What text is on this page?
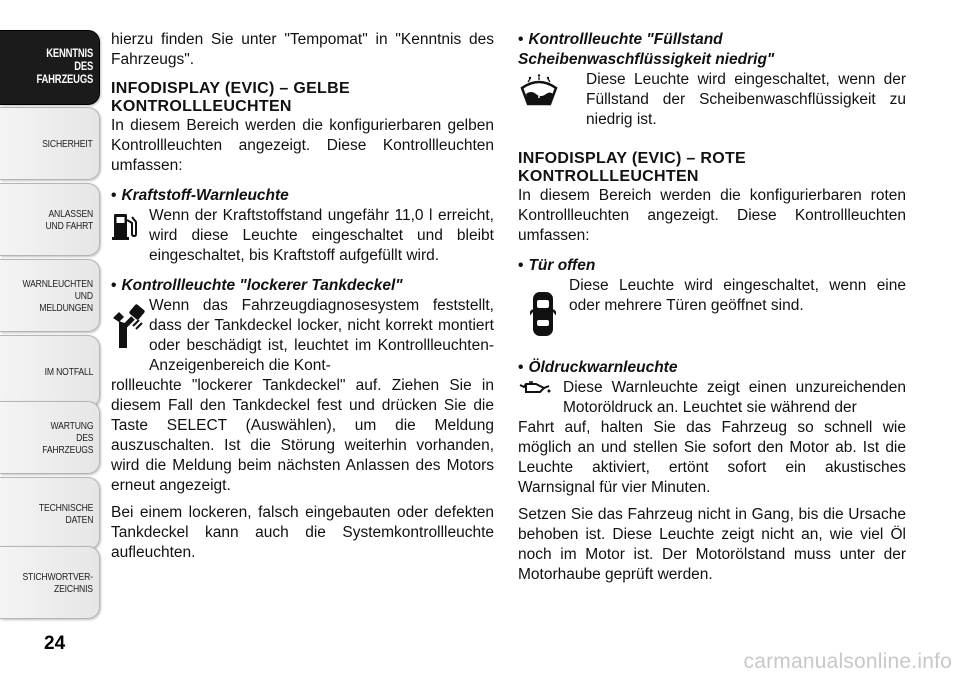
KENNTNIS
DES
FAHRZEUGS
SICHERHEIT
ANLASSEN
UND FAHRT
WARNLEUCHTEN
UND
MELDUNGEN
IM NOTFALL
WARTUNG
DES
FAHRZEUGS
TECHNISCHE
DATEN
STICHWORTVER-
ZEICHNIS
24

hierzu finden Sie unter "Tempomat" in "Kenntnis des Fahrzeugs".

INFODISPLAY (EVIC) – GELBE KONTROLLLEUCHTEN

In diesem Bereich werden die konfigurierbaren gelben Kontrollleuchten angezeigt. Diese Kontrollleuchten umfassen:

• Kraftstoff-Warnleuchte
Wenn der Kraftstoffstand ungefähr 11,0 l erreicht, wird diese Leuchte eingeschaltet und bleibt eingeschaltet, bis Kraftstoff aufgefüllt wird.
• Kontrollleuchte "lockerer Tankdeckel"
Wenn das Fahrzeugdiagnosesystem feststellt, dass der Tankdeckel locker, nicht korrekt montiert oder beschädigt ist, leuchtet im Kontrollleuchten-Anzeigenbereich die Kont-

rollleuchte "lockerer Tankdeckel" auf. Ziehen Sie in diesem Fall den Tankdeckel fest und drücken Sie die Taste SELECT (Auswählen), um die Meldung auszuschalten. Ist die Störung weiterhin vorhanden, wird die Meldung beim nächsten Anlassen des Motors erneut angezeigt.

Bei einem lockeren, falsch eingebauten oder defekten Tankdeckel kann auch die Systemkontrollleuchte aufleuchten.

• Kontrollleuchte "Füllstand Scheibenwaschflüssigkeit niedrig"
Diese Leuchte wird eingeschaltet, wenn der Füllstand der Scheibenwaschflüssigkeit zu niedrig ist.
INFODISPLAY (EVIC) – ROTE KONTROLLLEUCHTEN

In diesem Bereich werden die konfigurierbaren roten Kontrollleuchten angezeigt. Diese Kontrollleuchten umfassen:

• Tür offen
Diese Leuchte wird eingeschaltet, wenn eine oder mehrere Türen geöffnet sind.
• Öldruckwarnleuchte
Diese Warnleuchte zeigt einen unzureichenden Motoröldruck an. Leuchtet sie während der

Fahrt auf, halten Sie das Fahrzeug so schnell wie möglich an und stellen Sie sofort den Motor ab. Ist die Leuchte aktiviert, ertönt sofort ein akustisches Warnsignal für vier Minuten.

Setzen Sie das Fahrzeug nicht in Gang, bis die Ursache behoben ist. Diese Leuchte zeigt nicht an, wie viel Öl noch im Motor ist. Der Motorölstand muss unter der Motorhaube geprüft werden.

carmanualsonline.info
